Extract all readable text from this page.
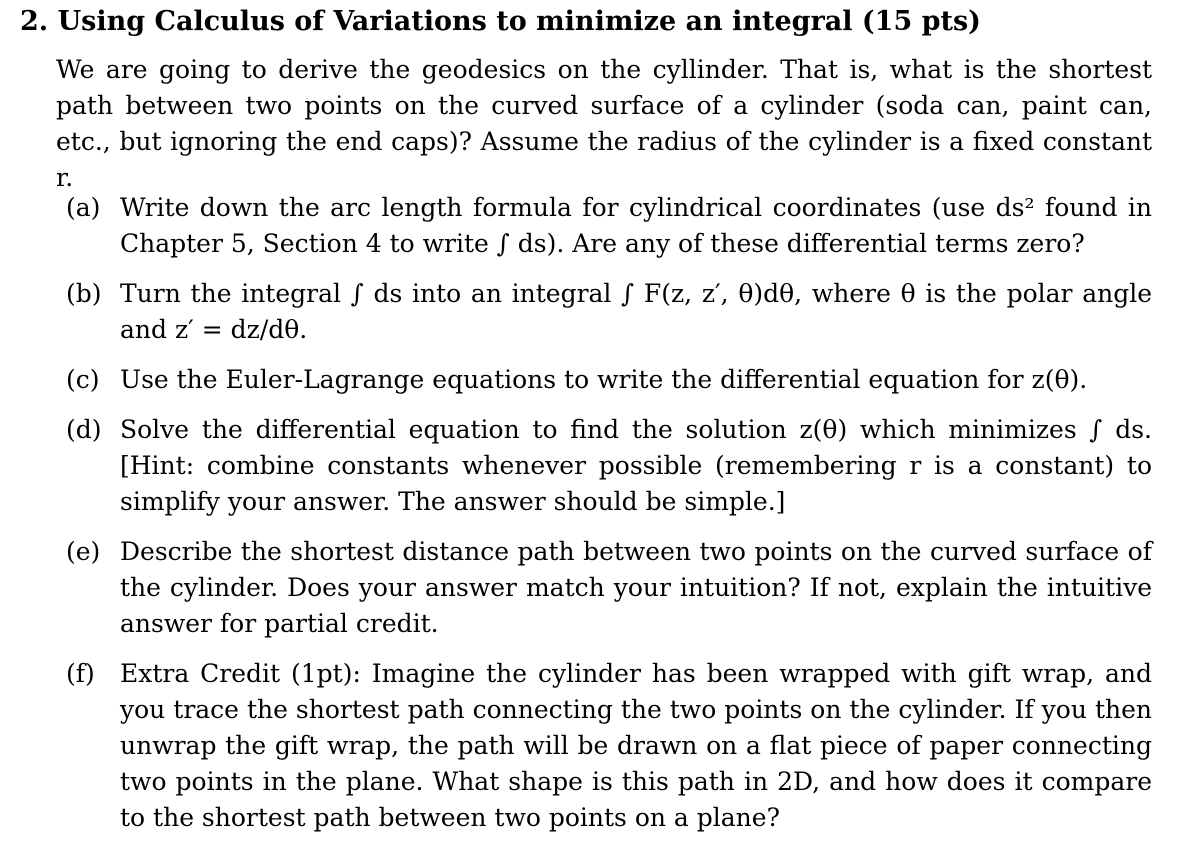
2. Using Calculus of Variations to minimize an integral (15 pts)
We are going to derive the geodesics on the cyllinder. That is, what is the shortest path between two points on the curved surface of a cylinder (soda can, paint can, etc., but ignoring the end caps)? Assume the radius of the cylinder is a fixed constant r.
(a) Write down the arc length formula for cylindrical coordinates (use ds² found in Chapter 5, Section 4 to write ∫ ds). Are any of these differential terms zero?
(b) Turn the integral ∫ ds into an integral ∫ F(z, z′, θ)dθ, where θ is the polar angle and z′ = dz/dθ.
(c) Use the Euler-Lagrange equations to write the differential equation for z(θ).
(d) Solve the differential equation to find the solution z(θ) which minimizes ∫ ds. [Hint: combine constants whenever possible (remembering r is a constant) to simplify your answer. The answer should be simple.]
(e) Describe the shortest distance path between two points on the curved surface of the cylinder. Does your answer match your intuition? If not, explain the intuitive answer for partial credit.
(f)	Extra Credit (1pt): Imagine the cylinder has been wrapped with gift wrap, and you trace the shortest path connecting the two points on the cylinder. If you then unwrap the gift wrap, the path will be drawn on a flat piece of paper connecting two points in the plane. What shape is this path in 2D, and how does it compare to the shortest path between two points on a plane?
